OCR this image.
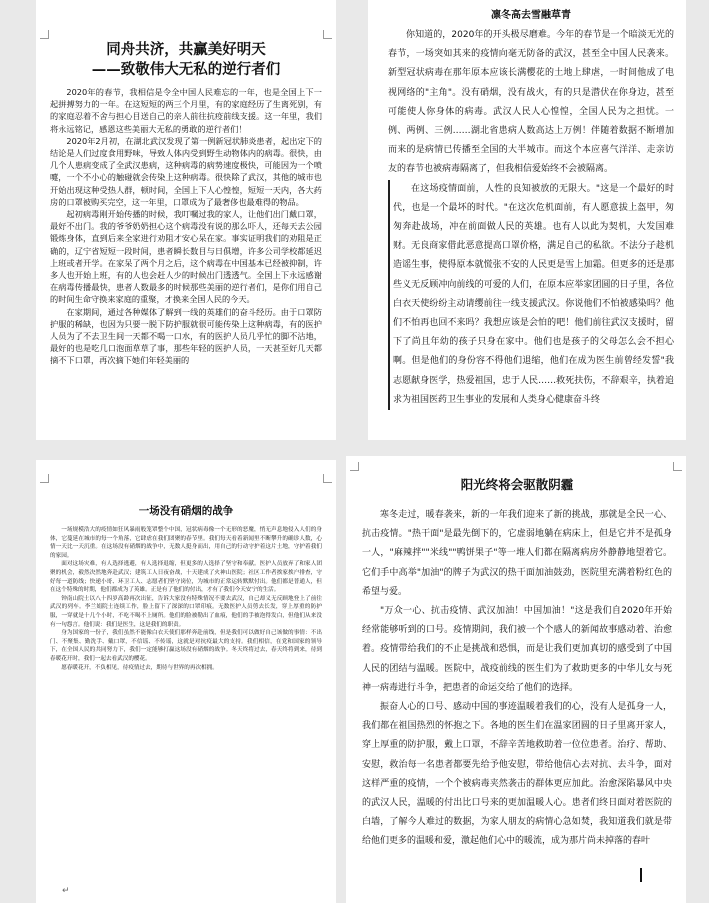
同舟共济，共赢美好明天

——致敬伟大无私的逆行者们

2020年的春节，我相信是令全中国人民难忘的一年，也是全国上下一起拼搏努力的一年。在这短短的两三个月里，有的家庭经历了生离死别，有的家庭忍着不舍与担心目送自己的亲人前往抗疫前线支援。这一年里，我们将永远铭记，感恩这些美丽大无私的勇敢的逆行者们！

2020年2月初，在湖北武汉发现了第一例新冠状肺炎患者，起出定下的结论是人们过度食用野味，导致人体内受到野生动物体内的病毒。很快，由几个人患病变成了全武汉患病，这种病毒的病势速度极快，可能因为一个喷嚏，一个不小心的触碰就会传染上这种病毒。很快除了武汉，其他的城市也开始出现这种受热人群，顿时间，全国上下人心惶惶，短短一天内，各大药房的口罩被购买完空，这一年里，口罩成为了最奢侈也最难得的物品。

起初病毒刚开始传播的时候，我叮嘱过我的家人，让他们出门戴口罩，最好不出门。我的爷爷奶奶担心这个病毒没有说的那么吓人，还每天去公园锻炼身体，直到后来全家进行劝阻才安心呆在家。事实证明我们的劝阻是正确的，辽宁省短短一段时间，患者瞬长数目与日俱增，许多公司学校都延迟上班或者开学。在家呆了两个月之后，这个病毒在中国基本已经被抑制，许多人也开始上班，有的人也会赶人少的时候出门透透气。全国上下永远感谢在病毒传播最快，患者人数最多的时候那些美丽的逆行者们，是你们用自己的时间生命守换来家庭的重聚，才换来全国人民的今天。

在家期间，通过各种媒体了解到一线的英雄们的奋斗经历。由于口罩防护服的稀缺，也因为只要一脱下防护服就很可能传染上这种病毒，有的医护人员为了不去卫生间一天都不喝一口水，有的医护人员几乎忙的脚不沾地，最好的也是吃几口泡面草草了事，那些年轻的医护人员，一天甚至好几天都摘不下口罩，再次摘下她们年轻美丽的

凛冬高去雪融草青

你知道的，2020年的开头极尽磨难。今年的春节是一个暗淡无光的春节，一场突如其来的疫情向毫无防备的武汉，甚至全中国人民袭来。新型冠状病毒在那年原本应该长满樱花的土地上肆虐，一时间他成了电视网络的"主角"。没有硝烟，没有战火，有的只是潜伏在你身边，甚至可能使人你身体的病毒。武汉人民人心惶惶，全国人民为之担忧。一例、两例、三例……湖北省患病人数高达上万例！伴随着数据不断增加而来的是病情已传播至全国的大半城市。而这个本应喜气洋洋、走亲访友的春节也被病毒隔离了，但我相信爱始终不会被隔离。

在这场疫情面前，人性的良知被放的无限大。"这是一个最好的时代，也是一个最坏的时代。"在这次危机面前，有人愿意拔上盔甲，匆匆奔赴战场，冲在前面做人民的英雄。也有人以此为契机，大发国难财。无良商家借此恶意提高口罩价格，满足自己的私欲。不法分子趁机造谣生事，使得原本就慌张不安的人民更是雪上加霜。但更多的还是那些义无反顾冲向前线的可爱的人们，在原本应举家团圆的日子里，各位白衣天使纷纷主动请缨前往一线支援武汉。你说他们不怕被感染吗？他们不怕再也回不来吗？我想应该是会怕的吧！他们前往武汉支援时，留下了尚且年幼的孩子只身在家中。他们也是孩子的父母怎么会不担心啊。但是他们的身份容不得他们退缩，他们在成为医生前曾经发誓"我志愿献身医学，热爱祖国，忠于人民……救死扶伤，不辞艰辛，执着追求为祖国医药卫生事业的发展和人类身心健康奋斗终

一场没有硝烟的战争

一场规模浩大的疫情如狂风暴雨般笼罩整个中国，冠状病毒像一个无形的恶魔，悄无声息地侵入人们的身体，它蔓延在城市的每一个角落，它肆虐在我们团聚的春节里。我们每天看着新闻里不断攀升的确诊人数，心情一天比一天沉重。在这场没有硝烟的战争中，无数人挺身而出，用自己的行动守护着这片土地，守护着我们的家园。

面对这场灾难，有人选择逃避，有人选择退缩，但更多的人选择了坚守和奉献。医护人员放弃了和家人团聚的机会，毅然决然地奔赴武汉；建筑工人日夜奋战，十天建成了火神山医院；社区工作者挨家挨户排查，守好每一道防线；快递小哥、环卫工人、志愿者们坚守岗位，为城市的正常运转默默付出。他们都是普通人，但在这个特殊的时期，他们都成为了英雄。正是有了他们的付出，才有了我们今天安宁的生活。

钟南山院士以八十四岁高龄再次出征，告诉大家没有特殊情况不要去武汉，自己却义无反顾地登上了前往武汉的列车。李兰娟院士连续工作，脸上留下了深深的口罩印痕。无数医护人员剪去长发，穿上厚重的防护服，一穿就是十几个小时，不吃不喝不上厕所。他们的脸被勒出了血痕，他们的手被泡得发白，但他们从来没有一句怨言。他们说：我们是医生，这是我们的职责。

身为国家的一份子，我们虽然不能像白衣天使们那样奔赴前线，但是我们可以做好自己该做的事情：不出门、不聚集、勤洗手、戴口罩，不信谣、不传谣，这就是对抗疫最大的支持。我们相信，在党和国家的领导下，在全国人民的共同努力下，我们一定能够打赢这场没有硝烟的战争。冬天终将过去，春天终将到来，待到春暖花开时，我们一起去看武汉的樱花。

愿春暖花开，不负相见，待疫情过去，期待与世界的再次相拥。

阳光终将会驱散阴霾

寒冬走过，暖春袭来，新的一年我们迎来了新的挑战，那就是全民一心、抗击疫情。"热干面"是最先倒下的，它虚弱地躺在病床上，但是它并不是孤身一人，"麻辣拌""米线""鸭饼果子"等一堆人们都在隔离病房外静静地望着它。它们手中高举"加油"的牌子为武汉的热干面加油鼓劲，医院里充满着粉红色的希望与爱。

"万众一心、抗击疫情、武汉加油！中国加油！"这是我们自2020年开始经常能够听到的口号。疫情期间，我们被一个个感人的新闻故事感动着、治愈着。疫情带给我们的不止是挑战和恐惧，而是让我们更加真切的感受到了中国人民的团结与温暖。医院中，战疫前线的医生们为了救助更多的中华儿女与死神一病毒进行斗争，把患者的命运交给了他们的选择。

振奋人心的口号、感动中国的事迹温暖着我们的心，没有人是孤身一人，我们都在祖国热烈的怀抱之下。各地的医生们在温家团圆的日子里离开家人，穿上厚重的防护服，戴上口罩，不辞辛苦地救助着一位位患者。治疗、帮助、安慰，救治每一名患者都要先给予他安慰，带给他信心去对抗、去斗争，面对这样严重的疫情，一个个被病毒夹然袭击的群体更应加此。治愈深陷暴风中央的武汉人民，温暖的付出比口号来的更加温暖人心。患者们终日面对着医院的白墙，了解今人难过的数据，为家人朋友的病情心急如焚，我知道我们就是带给他们更多的温暖和爱，激起他们心中的暖流，成为那片尚未掉落的春叶

↵
